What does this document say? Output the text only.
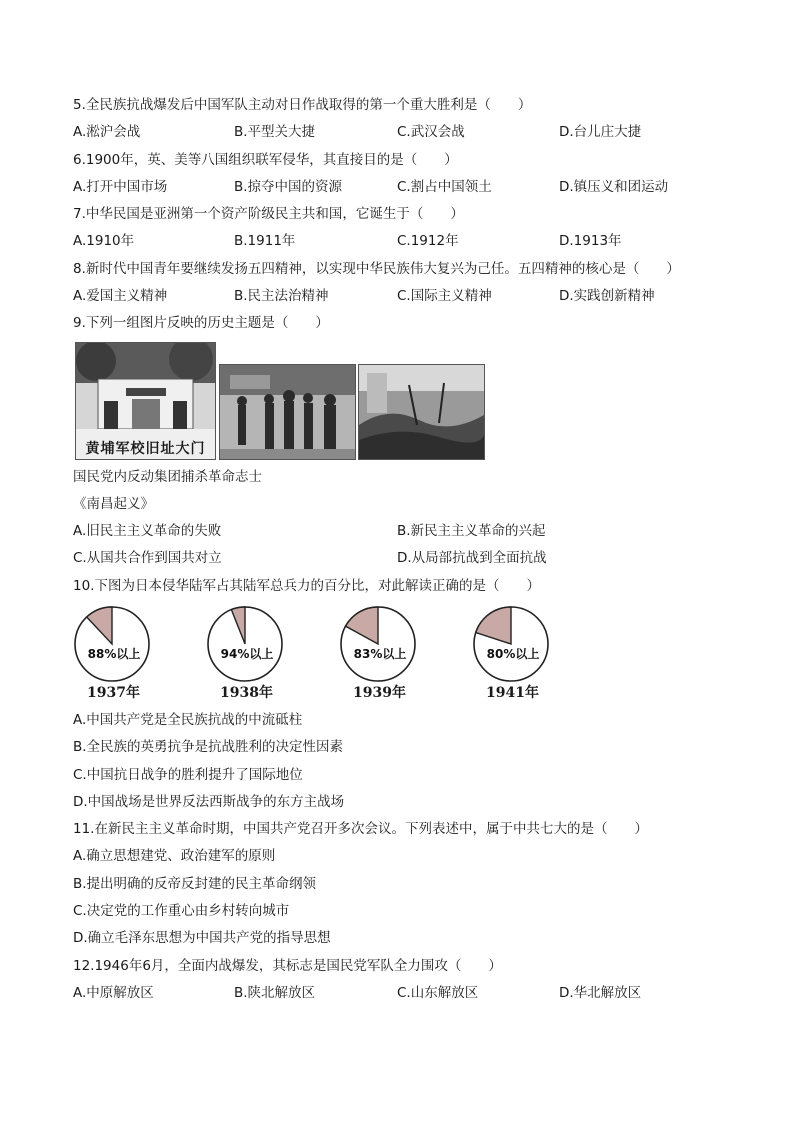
5.全民族抗战爆发后中国军队主动对日作战取得的第一个重大胜利是（　　）
A.淞沪会战	B.平型关大捷	C.武汉会战	D.台儿庄大捷
6.1900年，英、美等八国组织联军侵华，其直接目的是（　　）
A.打开中国市场	B.掠夺中国的资源	C.割占中国领土	D.镇压义和团运动
7.中华民国是亚洲第一个资产阶级民主共和国，它诞生于（　　）
A.1910年	B.1911年	C.1912年	D.1913年
8.新时代中国青年要继续发扬五四精神，以实现中华民族伟大复兴为己任。五四精神的核心是（　　）
A.爱国主义精神	B.民主法治精神	C.国际主义精神	D.实践创新精神
9.下列一组图片反映的历史主题是（　　）
黄埔军校旧址大门
国民党内反动集团捕杀革命志士
《南昌起义》
A.旧民主主义革命的失败	B.新民主主义革命的兴起
C.从国共合作到国共对立	D.从局部抗战到全面抗战
10.下图为日本侵华陆军占其陆军总兵力的百分比，对此解读正确的是（　　）
88%以上
1937年
94%以上
1938年
83%以上
1939年
80%以上
1941年
A.中国共产党是全民族抗战的中流砥柱
B.全民族的英勇抗争是抗战胜利的决定性因素
C.中国抗日战争的胜利提升了国际地位
D.中国战场是世界反法西斯战争的东方主战场
11.在新民主主义革命时期，中国共产党召开多次会议。下列表述中，属于中共七大的是（　　）
A.确立思想建党、政治建军的原则
B.提出明确的反帝反封建的民主革命纲领
C.决定党的工作重心由乡村转向城市
D.确立毛泽东思想为中国共产党的指导思想
12.1946年6月，全面内战爆发，其标志是国民党军队全力围攻（　　）
A.中原解放区	B.陕北解放区	C.山东解放区	D.华北解放区
